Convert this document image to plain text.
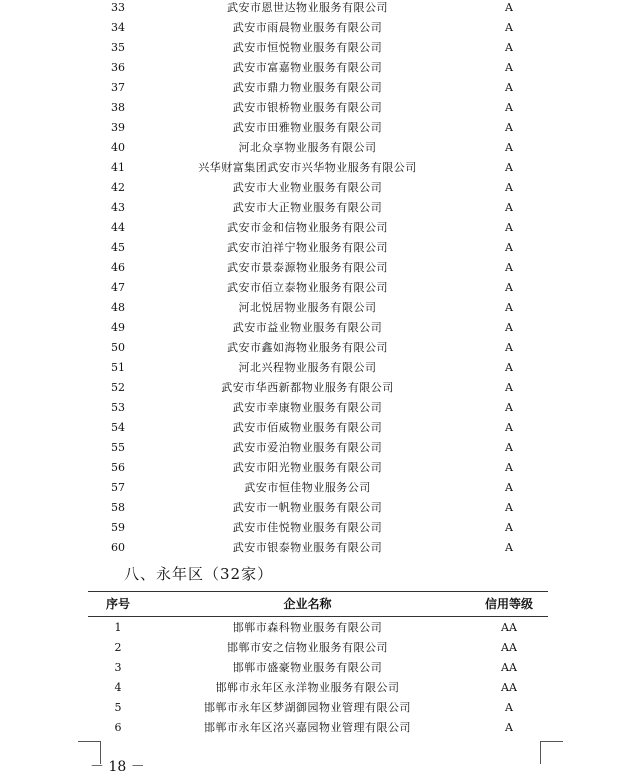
33	武安市恩世达物业服务有限公司	A
34	武安市雨晨物业服务有限公司	A
35	武安市恒悦物业服务有限公司	A
36	武安市富嘉物业服务有限公司	A
37	武安市鼎力物业服务有限公司	A
38	武安市银桥物业服务有限公司	A
39	武安市田雅物业服务有限公司	A
40	河北众享物业服务有限公司	A
41	兴华财富集团武安市兴华物业服务有限公司	A
42	武安市大业物业服务有限公司	A
43	武安市大正物业服务有限公司	A
44	武安市金和信物业服务有限公司	A
45	武安市泊祥宁物业服务有限公司	A
46	武安市景泰源物业服务有限公司	A
47	武安市佰立泰物业服务有限公司	A
48	河北悦居物业服务有限公司	A
49	武安市益业物业服务有限公司	A
50	武安市鑫如海物业服务有限公司	A
51	河北兴程物业服务有限公司	A
52	武安市华西新都物业服务有限公司	A
53	武安市幸康物业服务有限公司	A
54	武安市佰威物业服务有限公司	A
55	武安市爱泊物业服务有限公司	A
56	武安市阳光物业服务有限公司	A
57	武安市恒佳物业服务公司	A
58	武安市一帆物业服务有限公司	A
59	武安市佳悦物业服务有限公司	A
60	武安市银泰物业服务有限公司	A
八、永年区（32家）
序号	企业名称	信用等级
1	邯郸市森科物业服务有限公司	AA
2	邯郸市安之信物业服务有限公司	AA
3	邯郸市盛豪物业服务有限公司	AA
4	邯郸市永年区永洋物业服务有限公司	AA
5	邯郸市永年区梦湖御园物业管理有限公司	A
6	邯郸市永年区洺兴嘉园物业管理有限公司	A
－ 18 －
